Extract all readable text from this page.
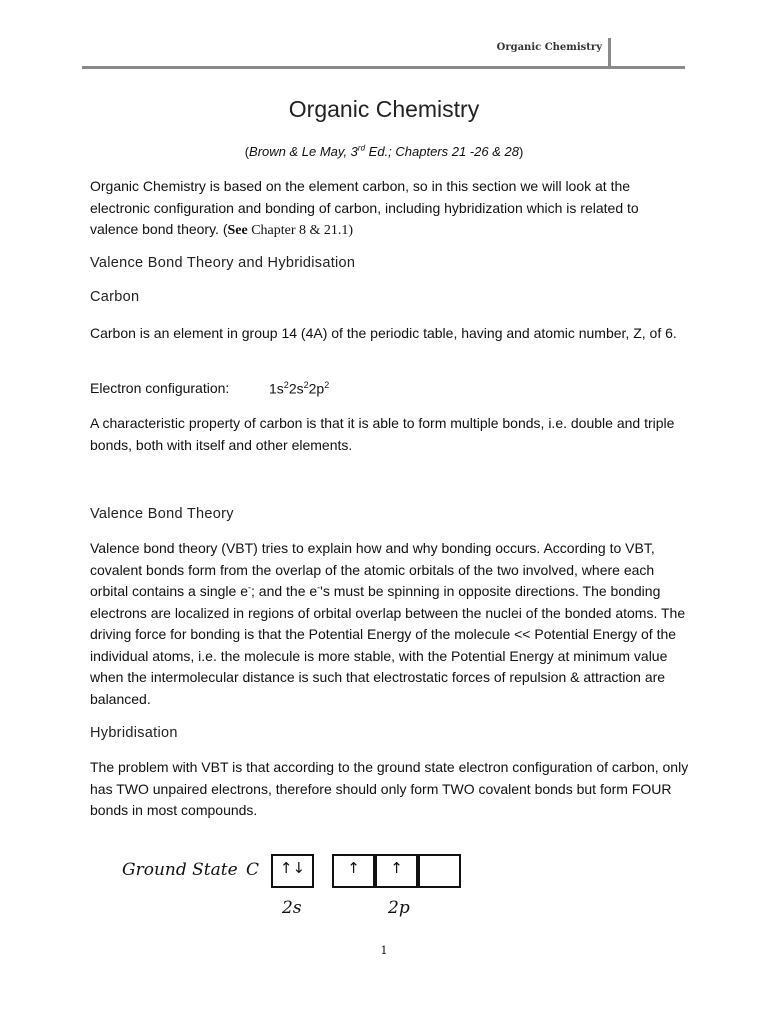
Organic Chemistry
Organic Chemistry
(Brown & Le May, 3rd Ed.; Chapters 21 -26 & 28)

Organic Chemistry is based on the element carbon, so in this section we will look at the electronic configuration and bonding of carbon, including hybridization which is related to valence bond theory. (See Chapter 8 & 21.1)

Valence Bond Theory and Hybridisation
Carbon

Carbon is an element in group 14 (4A) of the periodic table, having and atomic number, Z, of 6.

Electron configuration:	$1s^22s^22p^2$

A characteristic property of carbon is that it is able to form multiple bonds, i.e. double and triple bonds, both with itself and other elements.

Valence Bond Theory

Valence bond theory (VBT) tries to explain how and why bonding occurs. According to VBT, covalent bonds form from the overlap of the atomic orbitals of the two involved, where each orbital contains a single e-; and the e-'s must be spinning in opposite directions. The bonding electrons are localized in regions of orbital overlap between the nuclei of the bonded atoms. The driving force for bonding is that the Potential Energy of the molecule << Potential Energy of the individual atoms, i.e. the molecule is more stable, with the Potential Energy at minimum value when the intermolecular distance is such that electrostatic forces of repulsion & attraction are balanced.

Hybridisation

The problem with VBT is that according to the ground state electron configuration of carbon, only has TWO unpaired electrons, therefore should only form TWO covalent bonds but form FOUR bonds in most compounds.

Ground State C	↑↓	↑	↑
2s	2p
1
